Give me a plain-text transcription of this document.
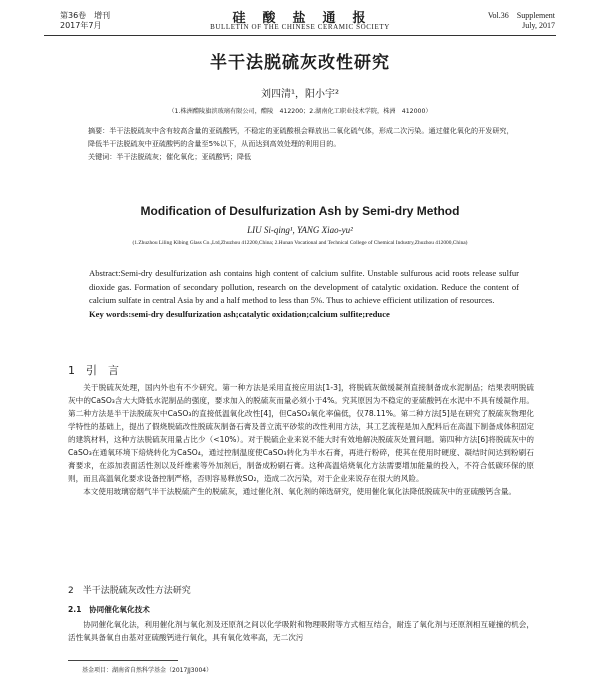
第36卷　增刊
2017年7月	硅　酸　盐　通　报
BULLETIN OF THE CHINESE CERAMIC SOCIETY
Vol.36　Supplement
July, 2017
半干法脱硫灰改性研究
刘四清¹，阳小宇²
（1.株洲醴陵旗滨玻璃有限公司，醴陵　412200；2.湖南化工职业技术学院，株洲　412000）

摘要：半干法脱硫灰中含有较高含量的亚硫酸钙，不稳定的亚硫酸根会释放出二氧化硫气体，形成二次污染。通过催化氧化的开发研究，降低半干法脱硫灰中亚硫酸钙的含量至5%以下，从而达到高效处理的利用目的。

关键词：半干法脱硫灰；催化氧化；亚硫酸钙；降低

Modification of Desulfurization Ash by Semi-dry Method
LIU Si-qing¹, YANG Xiao-yu²
(1.Zhuzhou Liling Kibing Glass Co.,Ltd,Zhuzhou 412200,China; 2.Hunan Vocational and Technical College of Chemical Industry,Zhuzhou 412000,China)

Abstract:Semi-dry desulfurization ash contains high content of calcium sulfite. Unstable sulfurous acid roots release sulfur dioxide gas. Formation of secondary pollution, research on the development of catalytic oxidation. Reduce the content of calcium sulfate in central Asia by and a half method to less than 5%. Thus to achieve efficient utilization of resources.

Key words:semi-dry desulfurization ash;catalytic oxidation;calcium sulfite;reduce

1　引　言

关于脱硫灰处理，国内外也有不少研究。第一种方法是采用直接应用法[1-3]，将脱硫灰做缓凝剂直接制备成水泥制品；结果表明脱硫灰中的CaSO₃含大大降低水泥制品的强度，要求加入的脱硫灰而量必须小于4%。究其原因为不稳定的亚硫酸钙在水泥中不具有缓凝作用。第二种方法是半干法脱硫灰中CaSO₃的直接低温氧化改性[4]，但CaSO₃氧化率偏低，仅78.11%。第二种方法[5]是在研究了脱硫灰物理化学特性的基础上，提出了假烧脱硫改性脱硫灰制备石膏及普立流平砂浆的改性利用方法，其工艺流程是加入配料后在高温下制备成体积固定的建筑材料，这种方法脱硫灰用量占比少（<10%）。对于脱硫企业来说不能大时有效地解决脱硫灰处置问题。第四种方法[6]将脱硫灰中的CaSO₃在通氧环境下焙烧转化为CaSO₄，通过控制温度使CaSO₃转化为半水石膏，再进行粉碎，使其在使用时硬度、凝结时间达到粉刷石膏要求，在添加表面活性剂以及纤维素等外加剂后，制备成粉刷石膏。这种高温焙烧氧化方法需要增加能量的投入，不符合低碳环保的原则，而且高温氧化要求设备控制严格，否则容易释放SO₂，造成二次污染，对于企业来说存在很大的风险。

本文使用玻璃窑烟气半干法脱硫产生的脱硫灰，通过催化剂、氧化剂的筛选研究，使用催化氧化法降低脱硫灰中的亚硫酸钙含量。

2　半干法脱硫灰改性方法研究
2.1　协同催化氧化技术
协同催化氧化法，利用催化剂与氧化剂及还原剂之间以化学吸附和物理吸附等方式相互结合，耐连了氧化剂与还原剂相互碰撞的机会，活性氧具备氧自由基对亚硫酸钙进行氧化，具有氧化效率高，无二次污
基金项目：湖南省自然科学基金（2017JJ3004）
